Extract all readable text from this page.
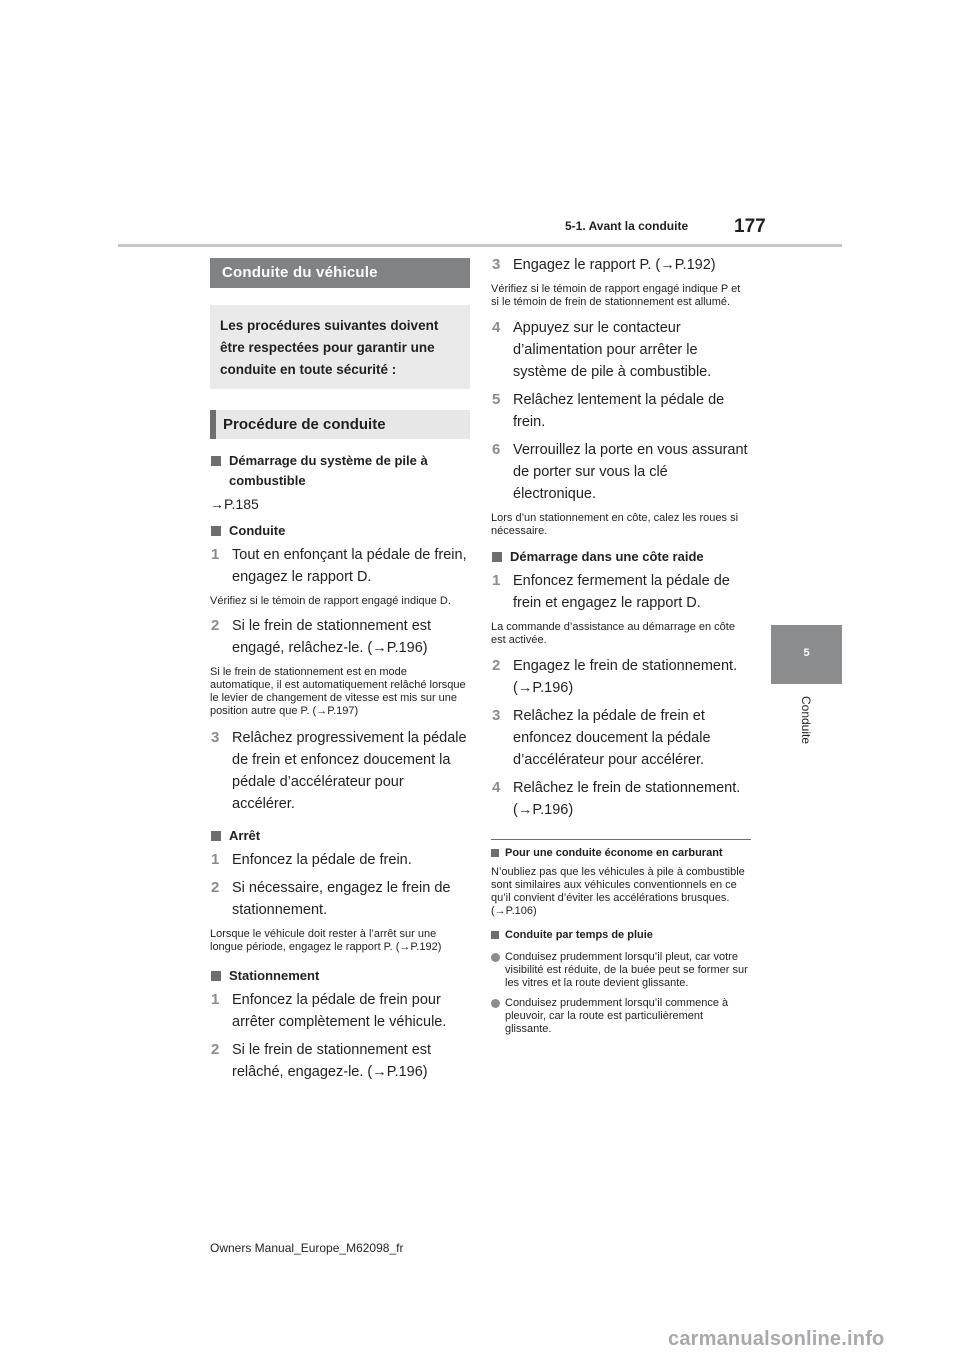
5-1. Avant la conduite 177
5
Conduite
Conduite du véhicule
Les procédures suivantes doivent être respectées pour garantir une conduite en toute sécurité :
Procédure de conduite
Démarrage du système de pile à combustible
→P.185
Conduite
1 Tout en enfonçant la pédale de frein, engagez le rapport D.
Vérifiez si le témoin de rapport engagé indique D.
2 Si le frein de stationnement est engagé, relâchez-le. (→P.196)
Si le frein de stationnement est en mode automatique, il est automatiquement relâché lorsque le levier de changement de vitesse est mis sur une position autre que P. (→P.197)
3 Relâchez progressivement la pédale de frein et enfoncez doucement la pédale d’accélérateur pour accélérer.
Arrêt
1 Enfoncez la pédale de frein.
2 Si nécessaire, engagez le frein de stationnement.
Lorsque le véhicule doit rester à l’arrêt sur une longue période, engagez le rapport P. (→P.192)
Stationnement
1 Enfoncez la pédale de frein pour arrêter complètement le véhicule.
2 Si le frein de stationnement est relâché, engagez-le. (→P.196)
3 Engagez le rapport P. (→P.192)
Vérifiez si le témoin de rapport engagé indique P et si le témoin de frein de stationnement est allumé.
4 Appuyez sur le contacteur d’alimentation pour arrêter le système de pile à combustible.
5 Relâchez lentement la pédale de frein.
6 Verrouillez la porte en vous assurant de porter sur vous la clé électronique.
Lors d’un stationnement en côte, calez les roues si nécessaire.
Démarrage dans une côte raide
1 Enfoncez fermement la pédale de frein et engagez le rapport D.
La commande d’assistance au démarrage en côte est activée.
2 Engagez le frein de stationnement. (→P.196)
3 Relâchez la pédale de frein et enfoncez doucement la pédale d’accélérateur pour accélérer.
4 Relâchez le frein de stationnement. (→P.196)
Pour une conduite économe en carburant
N’oubliez pas que les véhicules à pile à combustible sont similaires aux véhicules conventionnels en ce qu’il convient d’éviter les accélérations brusques. (→P.106)
Conduite par temps de pluie
Conduisez prudemment lorsqu’il pleut, car votre visibilité est réduite, de la buée peut se former sur les vitres et la route devient glissante.
Conduisez prudemment lorsqu’il commence à pleuvoir, car la route est particulièrement glissante.
Owners Manual_Europe_M62098_fr
carmanualsonline.info
